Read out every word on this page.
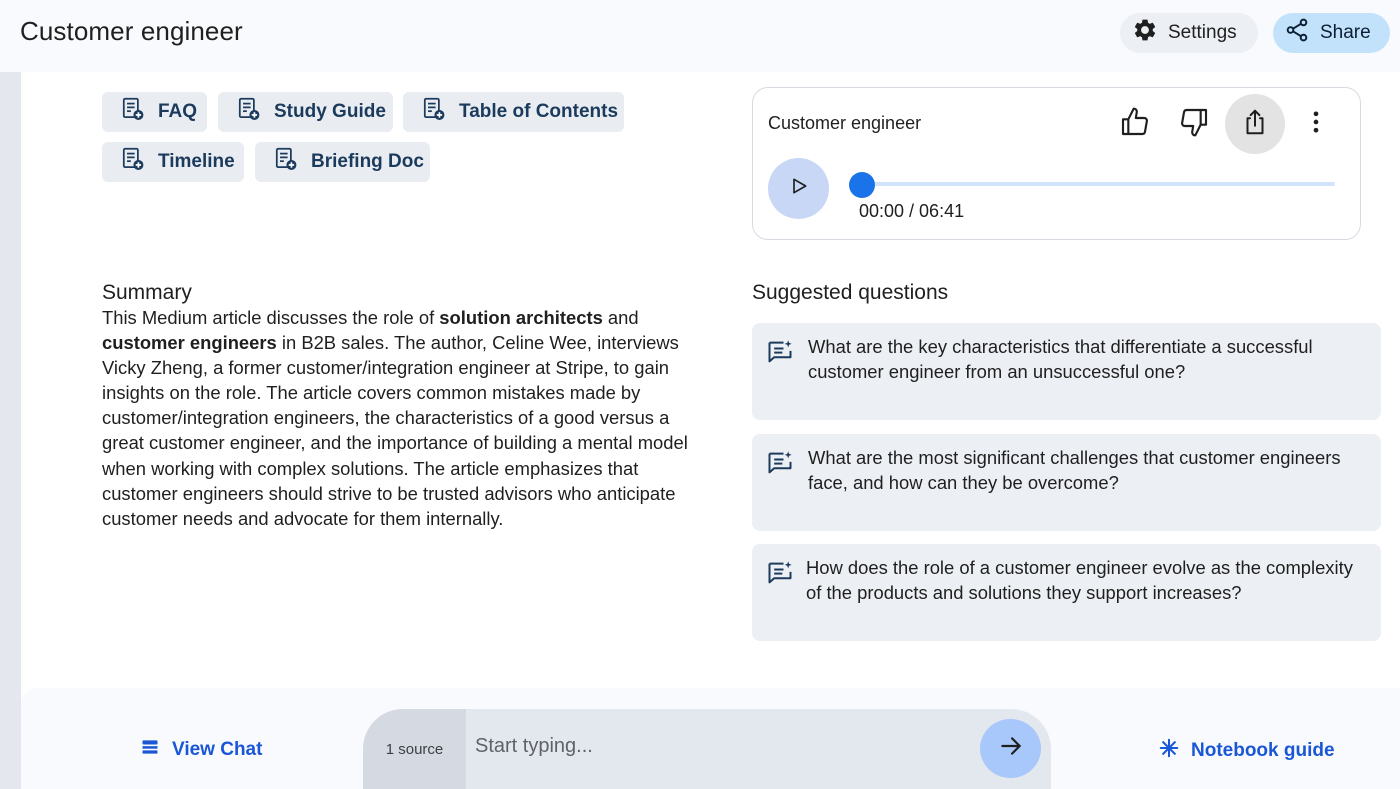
Customer engineer	Settings	Share
FAQ	Study Guide	Table of Contents
Timeline	Briefing Doc
Customer engineer
00:00 / 06:41
Summary
This Medium article discusses the role of solution architects and customer engineers in B2B sales. The author, Celine Wee, interviews Vicky Zheng, a former customer/integration engineer at Stripe, to gain insights on the role. The article covers common mistakes made by customer/integration engineers, the characteristics of a good versus a great customer engineer, and the importance of building a mental model when working with complex solutions. The article emphasizes that customer engineers should strive to be trusted advisors who anticipate customer needs and advocate for them internally.
Suggested questions
What are the key characteristics that differentiate a successful customer engineer from an unsuccessful one?
What are the most significant challenges that customer engineers face, and how can they be overcome?
How does the role of a customer engineer evolve as the complexity of the products and solutions they support increases?
View Chat	1 source
Start typing...	Notebook guide
